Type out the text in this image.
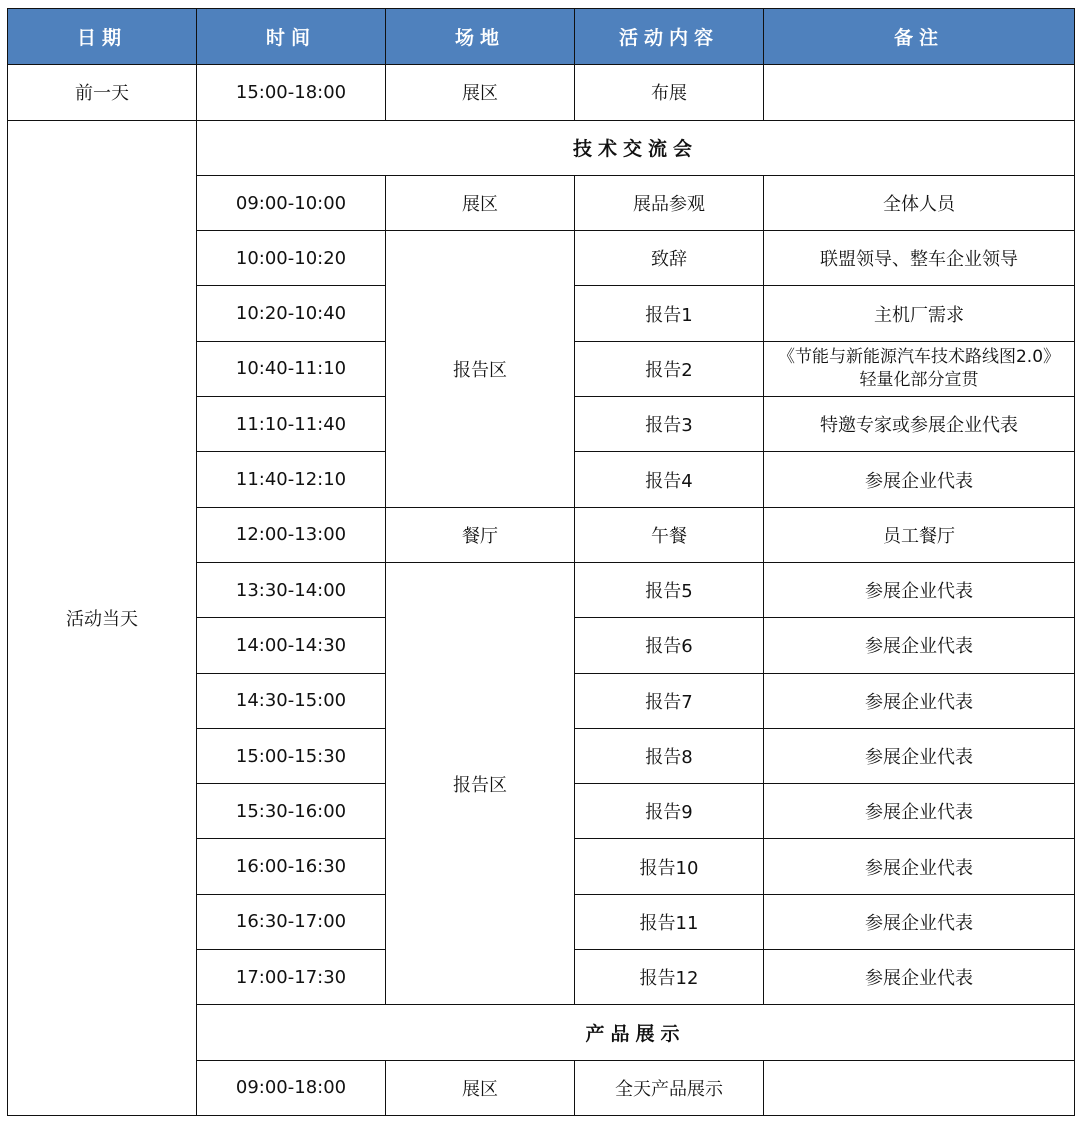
日期	时间	场地	活动内容	备注
前一天	15:00-18:00	展区	布展	
活动当天	技术交流会			
	09:00-10:00	展区	展品参观	全体人员
	10:00-10:20	报告区	致辞	联盟领导、整车企业领导
	10:20-10:40		报告1	主机厂需求
	10:40-11:10		报告2	《节能与新能源汽车技术路线图2.0》
轻量化部分宣贯

	11:10-11:40		报告3	特邀专家或参展企业代表
	11:40-12:10		报告4	参展企业代表
	12:00-13:00	餐厅	午餐	员工餐厅
	13:30-14:00	报告区	报告5	参展企业代表
	14:00-14:30		报告6	参展企业代表
	14:30-15:00		报告7	参展企业代表
	15:00-15:30		报告8	参展企业代表
	15:30-16:00		报告9	参展企业代表
	16:00-16:30		报告10	参展企业代表
	16:30-17:00		报告11	参展企业代表
	17:00-17:30		报告12	参展企业代表
	产品展示			
	09:00-18:00	展区	全天产品展示	
